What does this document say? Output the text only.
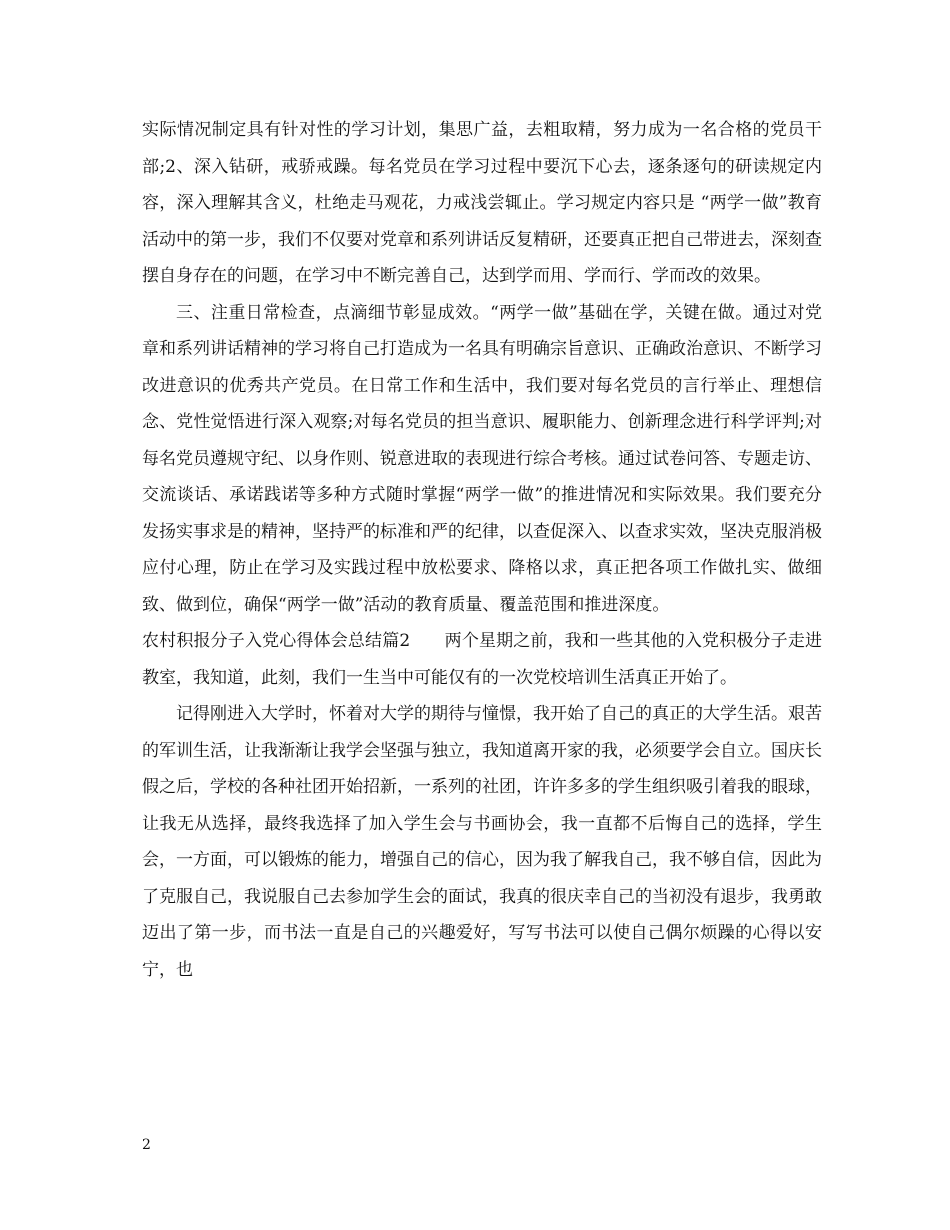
实际情况制定具有针对性的学习计划，集思广益，去粗取精，努力成为一名合格的党员干部;2、深入钻研，戒骄戒躁。每名党员在学习过程中要沉下心去，逐条逐句的研读规定内容，深入理解其含义，杜绝走马观花，力戒浅尝辄止。学习规定内容只是 “两学一做”教育活动中的第一步，我们不仅要对党章和系列讲话反复精研，还要真正把自己带进去，深刻查摆自身存在的问题，在学习中不断完善自己，达到学而用、学而行、学而改的效果。

三、注重日常检查，点滴细节彰显成效。“两学一做”基础在学，关键在做。通过对党章和系列讲话精神的学习将自己打造成为一名具有明确宗旨意识、正确政治意识、不断学习改进意识的优秀共产党员。在日常工作和生活中，我们要对每名党员的言行举止、理想信念、党性觉悟进行深入观察;对每名党员的担当意识、履职能力、创新理念进行科学评判;对每名党员遵规守纪、以身作则、锐意进取的表现进行综合考核。通过试卷问答、专题走访、交流谈话、承诺践诺等多种方式随时掌握“两学一做”的推进情况和实际效果。我们要充分发扬实事求是的精神，坚持严的标准和严的纪律，以查促深入、以查求实效，坚决克服消极应付心理，防止在学习及实践过程中放松要求、降格以求，真正把各项工作做扎实、做细致、做到位，确保“两学一做”活动的教育质量、覆盖范围和推进深度。

农村积报分子入党心得体会总结篇2　　两个星期之前，我和一些其他的入党积极分子走进教室，我知道，此刻，我们一生当中可能仅有的一次党校培训生活真正开始了。

记得刚进入大学时，怀着对大学的期待与憧憬，我开始了自己的真正的大学生活。艰苦的军训生活，让我渐渐让我学会坚强与独立，我知道离开家的我，必须要学会自立。国庆长假之后，学校的各种社团开始招新，一系列的社团，许许多多的学生组织吸引着我的眼球，让我无从选择，最终我选择了加入学生会与书画协会，我一直都不后悔自己的选择，学生会，一方面，可以锻炼的能力，增强自己的信心，因为我了解我自己，我不够自信，因此为了克服自己，我说服自己去参加学生会的面试，我真的很庆幸自己的当初没有退步，我勇敢迈出了第一步，而书法一直是自己的兴趣爱好，写写书法可以使自己偶尔烦躁的心得以安宁，也

2
